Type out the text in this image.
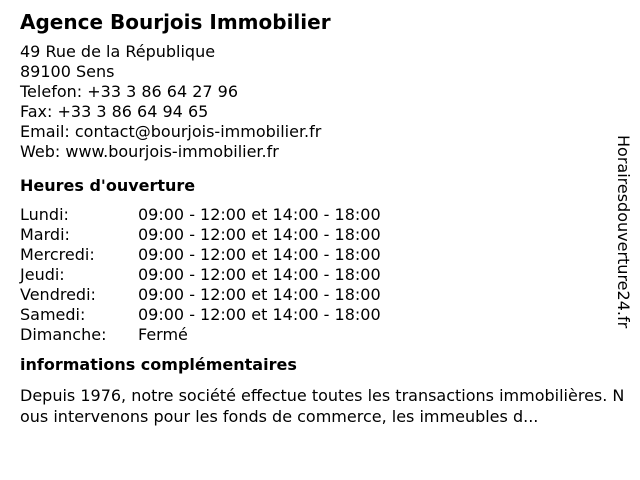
Agence Bourjois Immobilier
49 Rue de la République
89100 Sens
Telefon: +33 3 86 64 27 96
Fax: +33 3 86 64 94 65
Email: contact@bourjois-immobilier.fr
Web: www.bourjois-immobilier.fr
Heures d'ouverture
Lundi:	09:00 - 12:00 et 14:00 - 18:00
Mardi:	09:00 - 12:00 et 14:00 - 18:00
Mercredi:	09:00 - 12:00 et 14:00 - 18:00
Jeudi:	09:00 - 12:00 et 14:00 - 18:00
Vendredi:	09:00 - 12:00 et 14:00 - 18:00
Samedi:	09:00 - 12:00 et 14:00 - 18:00
Dimanche: Fermé
informations complémentaires
Depuis 1976, notre société effectue toutes les transactions immobilières. Nous intervenons pour les fonds de commerce, les immeubles d...
Horairesdouverture24.fr
